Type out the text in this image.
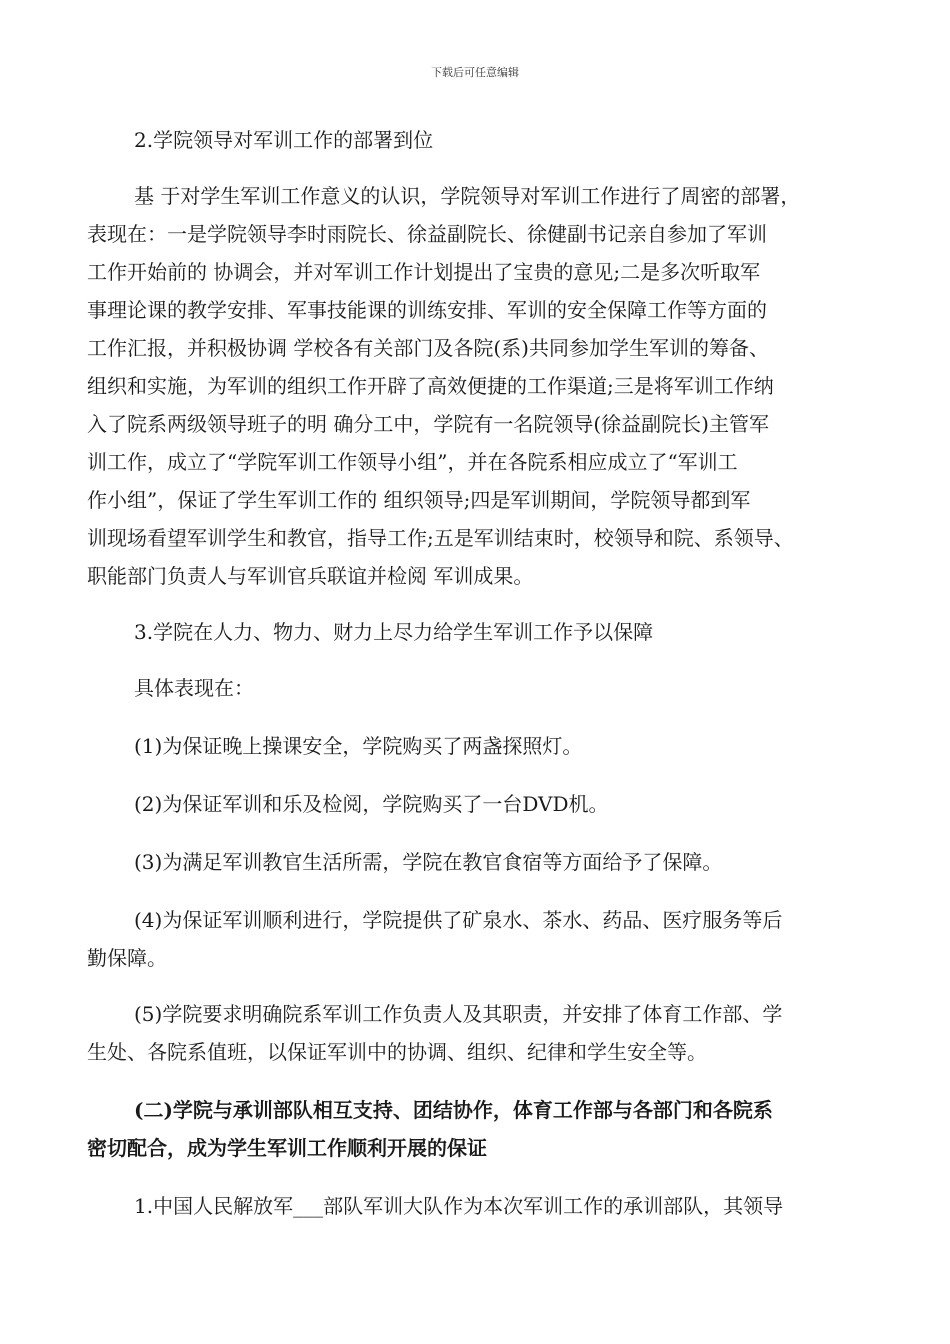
下载后可任意编辑
2.学院领导对军训工作的部署到位
基 于对学生军训工作意义的认识，学院领导对军训工作进行了周密的部署，
表现在：一是学院领导李时雨院长、徐益副院长、徐健副书记亲自参加了军训
工作开始前的 协调会，并对军训工作计划提出了宝贵的意见;二是多次听取军
事理论课的教学安排、军事技能课的训练安排、军训的安全保障工作等方面的
工作汇报，并积极协调 学校各有关部门及各院(系)共同参加学生军训的筹备、
组织和实施，为军训的组织工作开辟了高效便捷的工作渠道;三是将军训工作纳
入了院系两级领导班子的明 确分工中，学院有一名院领导(徐益副院长)主管军
训工作，成立了“学院军训工作领导小组”，并在各院系相应成立了“军训工
作小组”，保证了学生军训工作的 组织领导;四是军训期间，学院领导都到军
训现场看望军训学生和教官，指导工作;五是军训结束时，校领导和院、系领导、
职能部门负责人与军训官兵联谊并检阅 军训成果。
3.学院在人力、物力、财力上尽力给学生军训工作予以保障
具体表现在：
(1)为保证晚上操课安全，学院购买了两盏探照灯。
(2)为保证军训和乐及检阅，学院购买了一台DVD机。
(3)为满足军训教官生活所需，学院在教官食宿等方面给予了保障。
(4)为保证军训顺利进行，学院提供了矿泉水、茶水、药品、医疗服务等后
勤保障。
(5)学院要求明确院系军训工作负责人及其职责，并安排了体育工作部、学
生处、各院系值班，以保证军训中的协调、组织、纪律和学生安全等。
(二)学院与承训部队相互支持、团结协作，体育工作部与各部门和各院系
密切配合，成为学生军训工作顺利开展的保证
1.中国人民解放军___部队军训大队作为本次军训工作的承训部队，其领导
